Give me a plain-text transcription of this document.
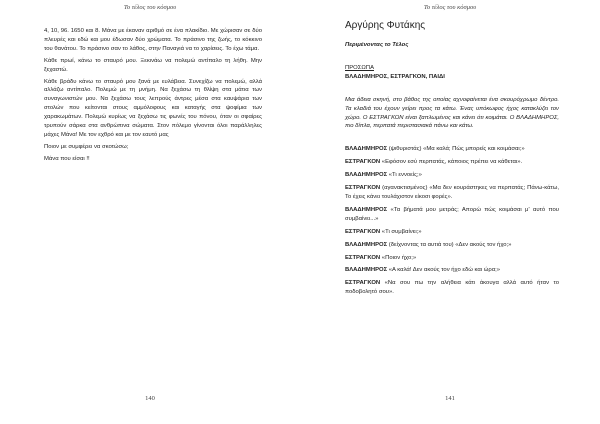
Το τέλος του κόσμου

4, 10, 96. 1650 και 8. Μάνα με έκαναν αριθμό σε ένα πλακίδιο. Με χώρισαν σε δύο πλευρές και εδώ και μου έδωσαν δύο χρώματα. Το πράσινο της ζωής, το κόκκινο του θανάτου. Το πράσινο σαν το λάθος, στην Παναγιά να το χαρίσεις. Το έχω τάμα.

Κάθε πρωί, κάνω το σταυρό μου. Ξεκινάω να πολεμώ αντίπαλο τη λήθη. Μην ξεχαστώ.

Κάθε βράδυ κάνω το σταυρό μου ξανά με ευλάβεια. Συνεχίζω να πολεμώ, αλλά αλλάζω αντίπαλο. Πολεμώ με τη μνήμη. Να ξεχάσω τη θλίψη στα μάτια των συναγωνιστών μου. Να ξεχάσω τους λεπρούς άντρες μέσα στα καυψάρια των στολών που κείτονται στους αμμόλοφους και καταγής στα ψοφίμια των χαρακωμάτων. Πολεμώ κυρίως να ξεχάσω τις φωνές του πόνου, όταν οι σφαίρες τρυπούν σάρκα στα ανθρώπινα σώματα. Στον πόλεμο γίνονται όλοι παράλληλες μάχες Μάνα! Με τον εχθρό και με τον εαυτό μας

Ποιον με συμφέρει να σκοτώσω;

Μάνα που είσαι !!

140
Το τέλος του κόσμου

Αργύρης Φυτάκης

Περιμένοντας το Τέλος

ΠΡΟΣΩΠΑ

ΒΛΑΔΗΜΗΡΟΣ, ΕΣΤΡΑΓΚΟΝ, ΠΑΙΔΙ

Μια άδεια σκηνή, στο βάθος της οποίας αχνοφαίνεται ένα σκουρόχρωμο δέντρο. Τα κλαδιά του έχουν γείρει προς τα κάτω. Ένας υπόκωφος ήχος κατακλύζει τον χώρο. Ο ΕΣΤΡΑΓΚΟΝ είναι ξαπλωμένος και κάνει ότι κοιμάται. Ο ΒΛΑΔΗΜΗΡΟΣ, πιο δίπλα, περπατά περιστασιακά πάνω και κάτω.

ΒΛΑΔΗΜΗΡΟΣ (ψιθυριστάς) «Μα καλά; Πώς μπορείς και κοιμάσαι;»

ΕΣΤΡΑΓΚΟΝ «Εφόσον εσύ περπατάς, κάποιος πρέπει να κάθεται».

ΒΛΑΔΗΜΗΡΟΣ «Τι εννοείς;»

ΕΣΤΡΑΓΚΟΝ (αγανακτισμένος) «Μα δεν κουράστηκες να περπατάς; Πάνω-κάτω, Το έχεις κάνει τουλάχιστον είκοσι φορές».

ΒΛΑΔΗΜΗΡΟΣ «Τα βήματά μου μετράς; Απορώ πώς κοιμάσαι μ' αυτό που συμβαίνει...»

ΕΣΤΡΑΓΚΟΝ «Τι συμβαίνει;»

ΒΛΑΔΗΜΗΡΟΣ (δείχνοντας τα αυτιά του) «Δεν ακούς τον ήχο;»

ΕΣΤΡΑΓΚΟΝ «Ποιον ήχο;»

ΒΛΑΔΗΜΗΡΟΣ «Α καλά! Δεν ακούς τον ήχο εδώ και ώρα;»

ΕΣΤΡΑΓΚΟΝ «Να σου πω την αλήθεια κάτι άκουγα αλλά αυτό ήταν το ποδοβολητό σου».

141
